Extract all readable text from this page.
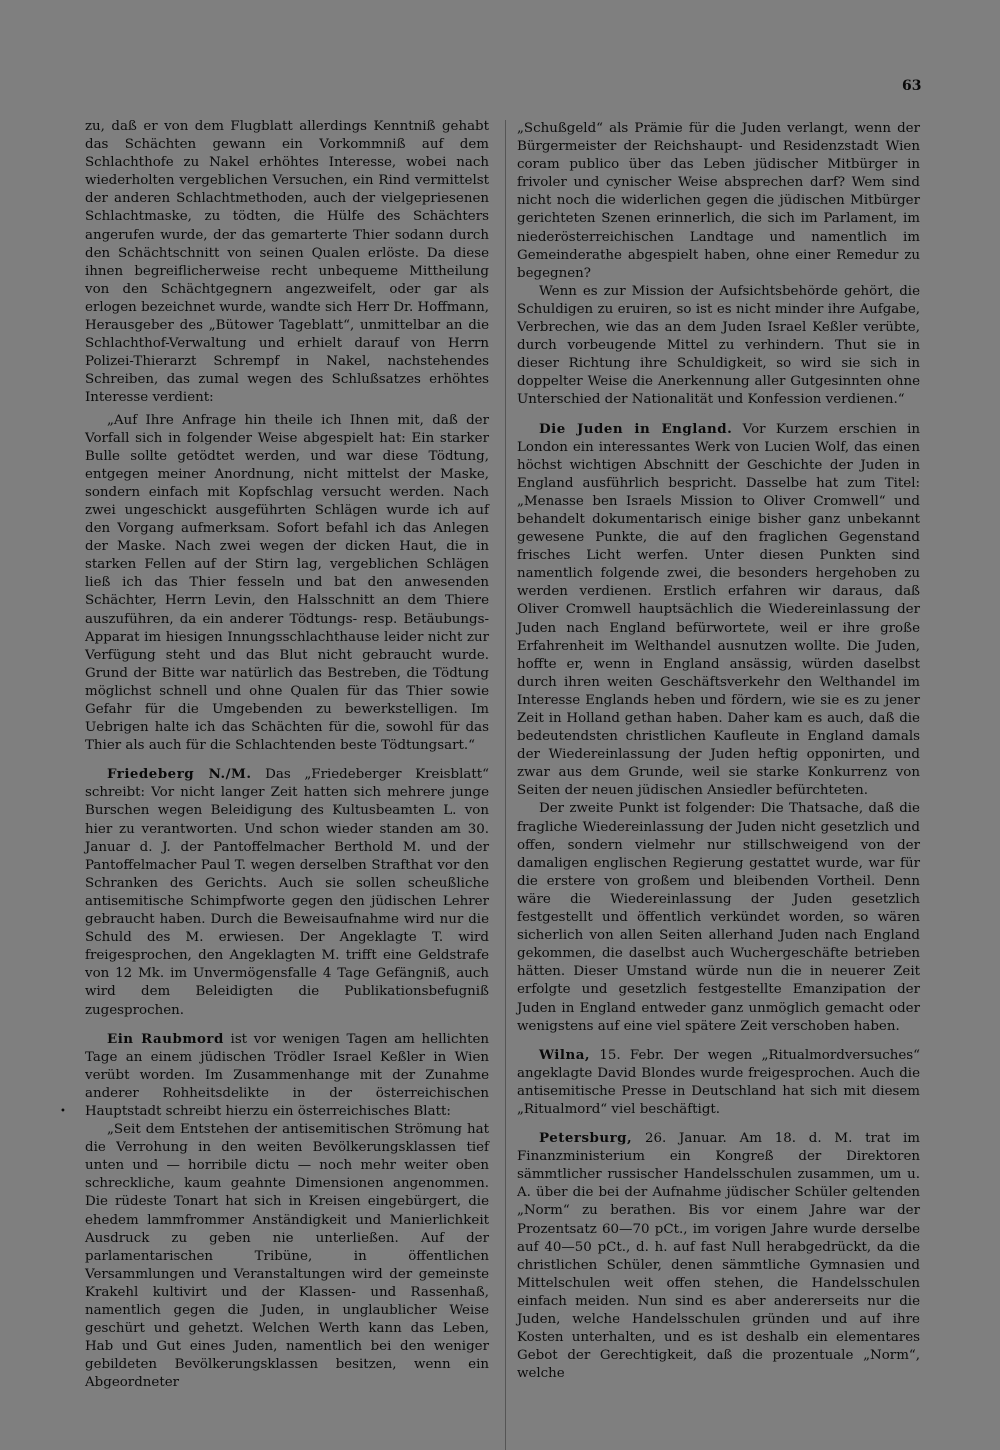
63

zu, daß er von dem Flugblatt allerdings Kenntniß gehabt das Schächten gewann ein Vorkommniß auf dem Schlachthofe zu Nakel erhöhtes Interesse, wobei nach wiederholten vergeblichen Versuchen, ein Rind vermittelst der anderen Schlachtmethoden, auch der vielgepriesenen Schlachtmaske, zu tödten, die Hülfe des Schächters angerufen wurde, der das gemarterte Thier sodann durch den Schächtschnitt von seinen Qualen erlöste. Da diese ihnen begreiflicherweise recht unbequeme Mittheilung von den Schächtgegnern angezweifelt, oder gar als erlogen bezeichnet wurde, wandte sich Herr Dr. Hoffmann, Herausgeber des „Bütower Tageblatt“, unmittelbar an die Schlachthof-Verwaltung und erhielt darauf von Herrn Polizei-Thierarzt Schrempf in Nakel, nachstehendes Schreiben, das zumal wegen des Schlußsatzes erhöhtes Interesse verdient:

„Auf Ihre Anfrage hin theile ich Ihnen mit, daß der Vorfall sich in folgender Weise abgespielt hat: Ein starker Bulle sollte getödtet werden, und war diese Tödtung, entgegen meiner Anordnung, nicht mittelst der Maske, sondern einfach mit Kopfschlag versucht werden. Nach zwei ungeschickt ausgeführten Schlägen wurde ich auf den Vorgang aufmerksam. Sofort befahl ich das Anlegen der Maske. Nach zwei wegen der dicken Haut, die in starken Fellen auf der Stirn lag, vergeblichen Schlägen ließ ich das Thier fesseln und bat den anwesenden Schächter, Herrn Levin, den Halsschnitt an dem Thiere auszuführen, da ein anderer Tödtungs- resp. Betäubungs-Apparat im hiesigen Innungsschlachthause leider nicht zur Verfügung steht und das Blut nicht gebraucht wurde. Grund der Bitte war natürlich das Bestreben, die Tödtung möglichst schnell und ohne Qualen für das Thier sowie Gefahr für die Umgebenden zu bewerkstelligen. Im Uebrigen halte ich das Schächten für die, sowohl für das Thier als auch für die Schlachtenden beste Tödtungsart.“

Friedeberg N./M. Das „Friedeberger Kreisblatt“ schreibt: Vor nicht langer Zeit hatten sich mehrere junge Burschen wegen Beleidigung des Kultusbeamten L. von hier zu verantworten. Und schon wieder standen am 30. Januar d. J. der Pantoffelmacher Berthold M. und der Pantoffelmacher Paul T. wegen derselben Strafthat vor den Schranken des Gerichts. Auch sie sollen scheußliche antisemitische Schimpfworte gegen den jüdischen Lehrer gebraucht haben. Durch die Beweisaufnahme wird nur die Schuld des M. erwiesen. Der Angeklagte T. wird freigesprochen, den Angeklagten M. trifft eine Geldstrafe von 12 Mk. im Unvermögensfalle 4 Tage Gefängniß, auch wird dem Beleidigten die Publikationsbefugniß zugesprochen.

Ein Raubmord ist vor wenigen Tagen am hellichten Tage an einem jüdischen Trödler Israel Keßler in Wien verübt worden. Im Zusammenhange mit der Zunahme anderer Rohheitsdelikte in der österreichischen Hauptstadt schreibt hierzu ein österreichisches Blatt:

„Seit dem Entstehen der antisemitischen Strömung hat die Verrohung in den weiten Bevölkerungsklassen tief unten und — horribile dictu — noch mehr weiter oben schreckliche, kaum geahnte Dimensionen angenommen. Die rüdeste Tonart hat sich in Kreisen eingebürgert, die ehedem lammfrommer Anständigkeit und Manierlichkeit Ausdruck zu geben nie unterließen. Auf der parlamentarischen Tribüne, in öffentlichen Versammlungen und Veranstaltungen wird der gemeinste Krakehl kultivirt und der Klassen- und Rassenhaß, namentlich gegen die Juden, in unglaublicher Weise geschürt und gehetzt. Welchen Werth kann das Leben, Hab und Gut eines Juden, namentlich bei den weniger gebildeten Bevölkerungsklassen besitzen, wenn ein Abgeordneter

„Schußgeld“ als Prämie für die Juden verlangt, wenn der Bürgermeister der Reichshaupt- und Residenzstadt Wien coram publico über das Leben jüdischer Mitbürger in frivoler und cynischer Weise absprechen darf? Wem sind nicht noch die widerlichen gegen die jüdischen Mitbürger gerichteten Szenen erinnerlich, die sich im Parlament, im niederösterreichischen Landtage und namentlich im Gemeinderathe abgespielt haben, ohne einer Remedur zu begegnen?

Wenn es zur Mission der Aufsichtsbehörde gehört, die Schuldigen zu eruiren, so ist es nicht minder ihre Aufgabe, Verbrechen, wie das an dem Juden Israel Keßler verübte, durch vorbeugende Mittel zu verhindern. Thut sie in dieser Richtung ihre Schuldigkeit, so wird sie sich in doppelter Weise die Anerkennung aller Gutgesinnten ohne Unterschied der Nationalität und Konfession verdienen.“

Die Juden in England. Vor Kurzem erschien in London ein interessantes Werk von Lucien Wolf, das einen höchst wichtigen Abschnitt der Geschichte der Juden in England ausführlich bespricht. Dasselbe hat zum Titel: „Menasse ben Israels Mission to Oliver Cromwell“ und behandelt dokumentarisch einige bisher ganz unbekannt gewesene Punkte, die auf den fraglichen Gegenstand frisches Licht werfen. Unter diesen Punkten sind namentlich folgende zwei, die besonders hergehoben zu werden verdienen. Erstlich erfahren wir daraus, daß Oliver Cromwell hauptsächlich die Wiedereinlassung der Juden nach England befürwortete, weil er ihre große Erfahrenheit im Welthandel ausnutzen wollte. Die Juden, hoffte er, wenn in England ansässig, würden daselbst durch ihren weiten Geschäftsverkehr den Welthandel im Interesse Englands heben und fördern, wie sie es zu jener Zeit in Holland gethan haben. Daher kam es auch, daß die bedeutendsten christlichen Kaufleute in England damals der Wiedereinlassung der Juden heftig opponirten, und zwar aus dem Grunde, weil sie starke Konkurrenz von Seiten der neuen jüdischen Ansiedler befürchteten.

Der zweite Punkt ist folgender: Die Thatsache, daß die fragliche Wiedereinlassung der Juden nicht gesetzlich und offen, sondern vielmehr nur stillschweigend von der damaligen englischen Regierung gestattet wurde, war für die erstere von großem und bleibenden Vortheil. Denn wäre die Wiedereinlassung der Juden gesetzlich festgestellt und öffentlich verkündet worden, so wären sicherlich von allen Seiten allerhand Juden nach England gekommen, die daselbst auch Wuchergeschäfte betrieben hätten. Dieser Umstand würde nun die in neuerer Zeit erfolgte und gesetzlich festgestellte Emanzipation der Juden in England entweder ganz unmöglich gemacht oder wenigstens auf eine viel spätere Zeit verschoben haben.

Wilna, 15. Febr. Der wegen „Ritualmordversuches“ angeklagte David Blondes wurde freigesprochen. Auch die antisemitische Presse in Deutschland hat sich mit diesem „Ritualmord“ viel beschäftigt.

Petersburg, 26. Januar. Am 18. d. M. trat im Finanzministerium ein Kongreß der Direktoren sämmtlicher russischer Handelsschulen zusammen, um u. A. über die bei der Aufnahme jüdischer Schüler geltenden „Norm“ zu berathen. Bis vor einem Jahre war der Prozentsatz 60—70 pCt., im vorigen Jahre wurde derselbe auf 40—50 pCt., d. h. auf fast Null herabgedrückt, da die christlichen Schüler, denen sämmtliche Gymnasien und Mittelschulen weit offen stehen, die Handelsschulen einfach meiden. Nun sind es aber andererseits nur die Juden, welche Handelsschulen gründen und auf ihre Kosten unterhalten, und es ist deshalb ein elementares Gebot der Gerechtigkeit, daß die prozentuale „Norm“, welche

•
